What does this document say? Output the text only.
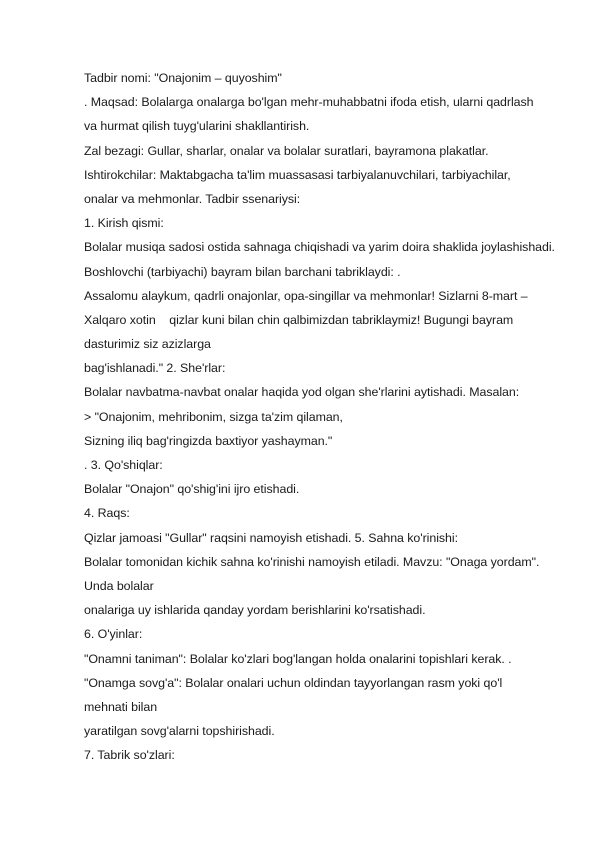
Tadbir nomi: "Onajonim – quyoshim"
. Maqsad: Bolalarga onalarga bo'lgan mehr-muhabbatni ifoda etish, ularni qadrlash
va hurmat qilish tuyg'ularini shakllantirish.
Zal bezagi: Gullar, sharlar, onalar va bolalar suratlari, bayramona plakatlar.
Ishtirokchilar: Maktabgacha ta'lim muassasasi tarbiyalanuvchilari, tarbiyachilar,
onalar va mehmonlar. Tadbir ssenariysi:
1. Kirish qismi:
Bolalar musiqa sadosi ostida sahnaga chiqishadi va yarim doira shaklida joylashishadi.
Boshlovchi (tarbiyachi) bayram bilan barchani tabriklaydi: .
Assalomu alaykum, qadrli onajonlar, opa-singillar va mehmonlar! Sizlarni 8-mart –
Xalqaro xotin    qizlar kuni bilan chin qalbimizdan tabriklaymiz! Bugungi bayram
dasturimiz siz azizlarga
bag'ishlanadi." 2. She'rlar:
Bolalar navbatma-navbat onalar haqida yod olgan she'rlarini aytishadi. Masalan:
> "Onajonim, mehribonim, sizga ta'zim qilaman,
Sizning iliq bag'ringizda baxtiyor yashayman."
. 3. Qo'shiqlar:
Bolalar "Onajon" qo'shig'ini ijro etishadi.
4. Raqs:
Qizlar jamoasi "Gullar" raqsini namoyish etishadi. 5. Sahna ko'rinishi:
Bolalar tomonidan kichik sahna ko'rinishi namoyish etiladi. Mavzu: "Onaga yordam".
Unda bolalar
onalariga uy ishlarida qanday yordam berishlarini ko'rsatishadi.
6. O'yinlar:
"Onamni taniman": Bolalar ko'zlari bog'langan holda onalarini topishlari kerak. .
"Onamga sovg'a": Bolalar onalari uchun oldindan tayyorlangan rasm yoki qo'l
mehnati bilan
yaratilgan sovg'alarni topshirishadi.
7. Tabrik so'zlari:
